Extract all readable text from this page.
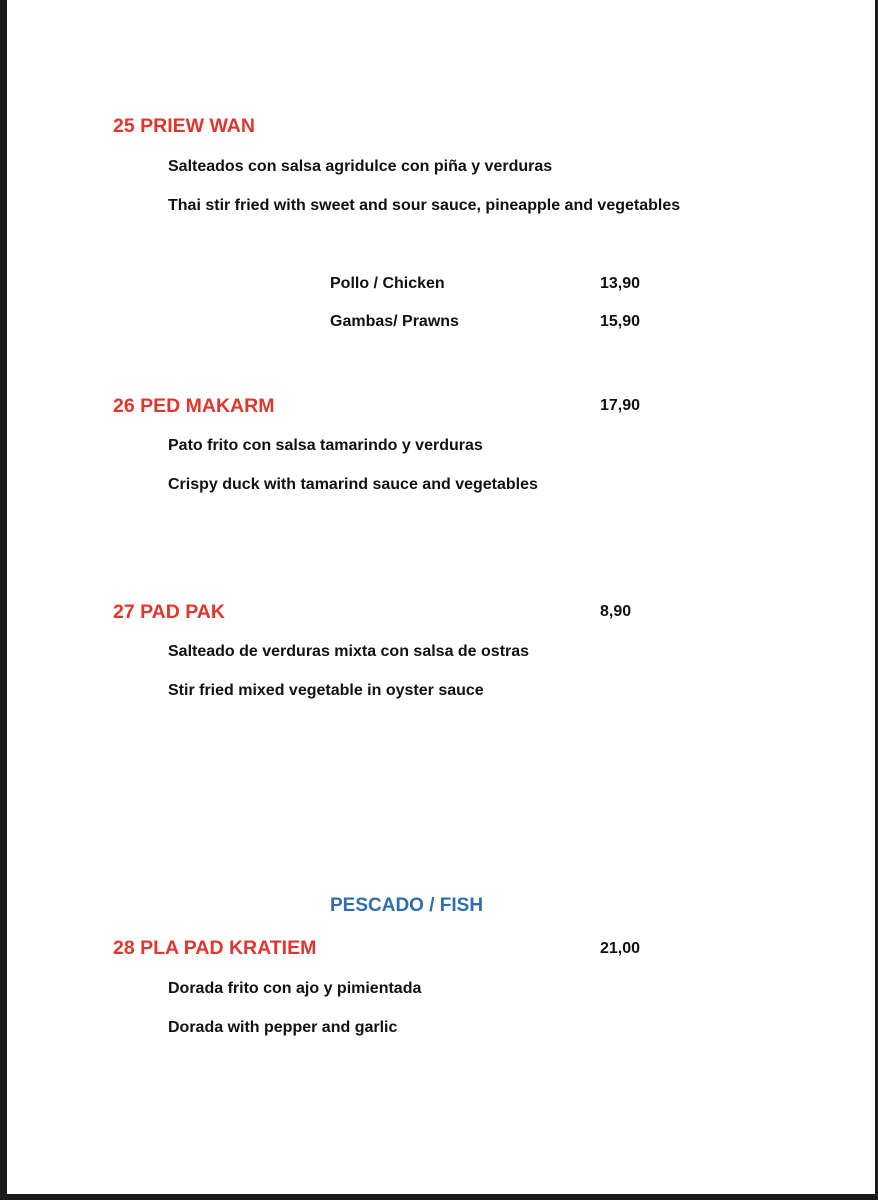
25 PRIEW WAN

Salteados con salsa agridulce con piña y verduras

Thai stir fried with sweet and sour sauce, pineapple and vegetables

Pollo / Chicken	13,90

Gambas/ Prawns	15,90

26 PED MAKARM	17,90

Pato frito con salsa tamarindo y verduras

Crispy duck with tamarind sauce and vegetables

27 PAD PAK	8,90

Salteado de verduras mixta con salsa de ostras

Stir fried mixed vegetable in oyster sauce

PESCADO / FISH

28 PLA PAD KRATIEM	21,00

Dorada frito con ajo y pimientada

Dorada with pepper and garlic
